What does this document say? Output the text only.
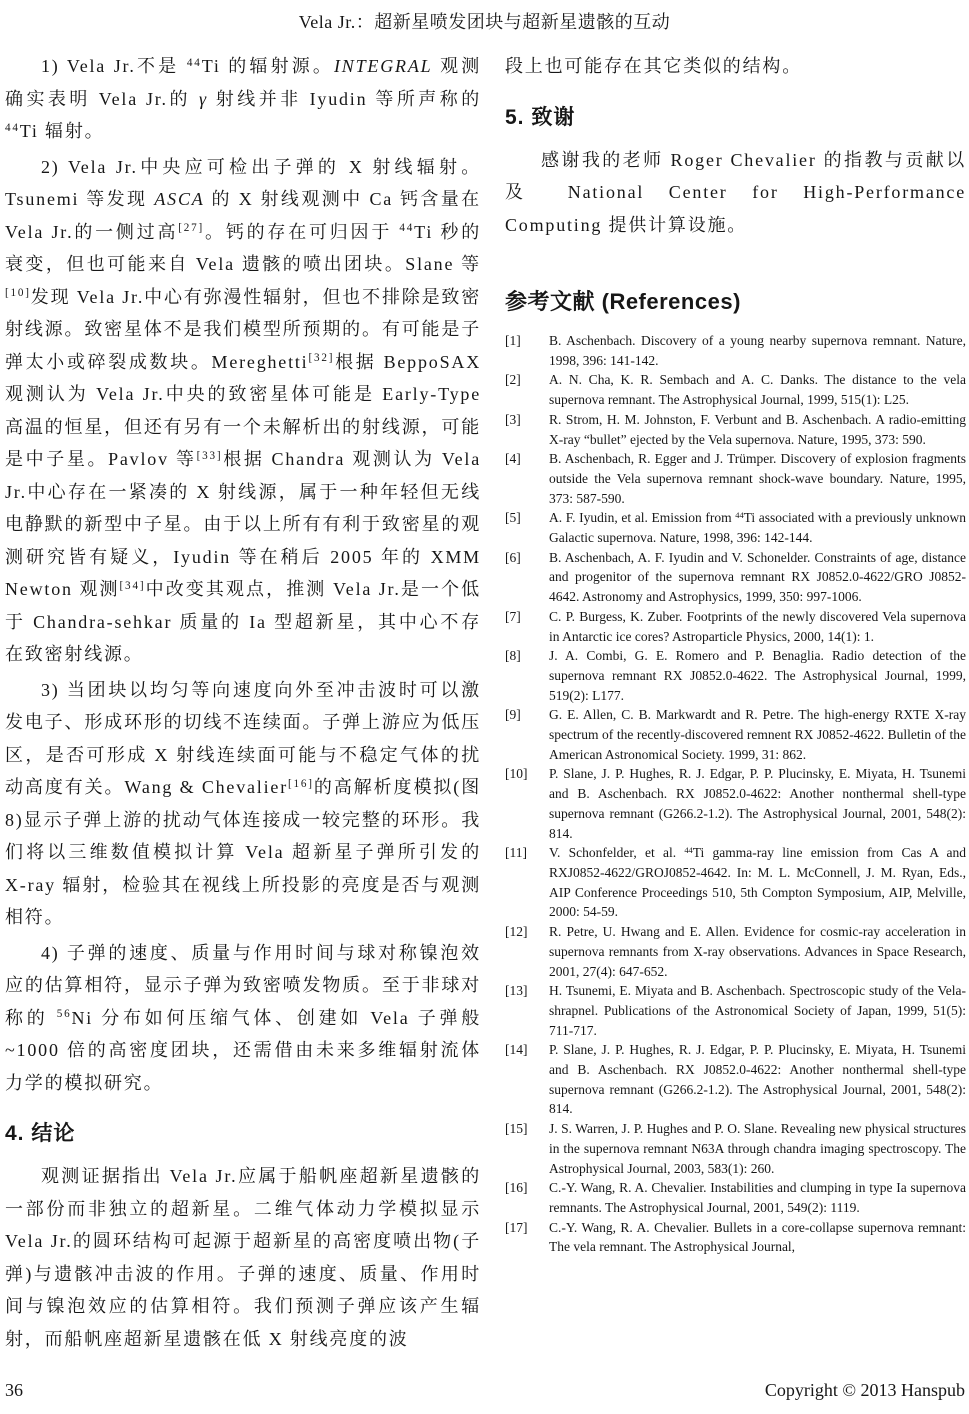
Vela Jr.：超新星喷发团块与超新星遗骸的互动

1) Vela Jr.不是 $^{44}$Ti 的辐射源。INTEGRAL 观测确实表明 Vela Jr.的 γ 射线并非 Iyudin 等所声称的 $^{44}$Ti 辐射。

2) Vela Jr.中央应可检出子弹的 X 射线辐射。Tsunemi 等发现 ASCA 的 X 射线观测中 Ca 钙含量在 Vela Jr.的一侧过高[27]。钙的存在可归因于 $^{44}$Ti 秒的衰变，但也可能来自 Vela 遗骸的喷出团块。Slane 等[10]发现 Vela Jr.中心有弥漫性辐射，但也不排除是致密射线源。致密星体不是我们模型所预期的。有可能是子弹太小或碎裂成数块。Mereghetti[32]根据 BeppoSAX 观测认为 Vela Jr.中央的致密星体可能是 Early-Type 高温的恒星，但还有另有一个未解析出的射线源，可能是中子星。Pavlov 等[33]根据 Chandra 观测认为 Vela Jr.中心存在一紧凑的 X 射线源，属于一种年轻但无线电静默的新型中子星。由于以上所有有利于致密星的观测研究皆有疑义，Iyudin 等在稍后 2005 年的 XMM Newton 观测[34]中改变其观点，推测 Vela Jr.是一个低于 Chandra-sehkar 质量的 Ia 型超新星，其中心不存在致密射线源。

3) 当团块以均匀等向速度向外至冲击波时可以激发电子、形成环形的切线不连续面。子弹上游应为低压区，是否可形成 X 射线连续面可能与不稳定气体的扰动高度有关。Wang & Chevalier[16]的高解析度模拟(图 8)显示子弹上游的扰动气体连接成一较完整的环形。我们将以三维数值模拟计算 Vela 超新星子弹所引发的 X-ray 辐射，检验其在视线上所投影的亮度是否与观测相符。

4) 子弹的速度、质量与作用时间与球对称镍泡效应的估算相符，显示子弹为致密喷发物质。至于非球对称的 $^{56}$Ni 分布如何压缩气体、创建如 Vela 子弹般~1000 倍的高密度团块，还需借由未来多维辐射流体力学的模拟研究。

4. 结论

观测证据指出 Vela Jr.应属于船帆座超新星遗骸的一部份而非独立的超新星。二维气体动力学模拟显示 Vela Jr.的圆环结构可起源于超新星的高密度喷出物(子弹)与遗骸冲击波的作用。子弹的速度、质量、作用时间与镍泡效应的估算相符。我们预测子弹应该产生辐射，而船帆座超新星遗骸在低 X 射线亮度的波

段上也可能存在其它类似的结构。

5. 致谢

感谢我的老师 Roger Chevalier 的指教与贡献以及 National Center for High-Performance Computing 提供计算设施。

参考文献 (References)
[1]	B. Aschenbach. Discovery of a young nearby supernova remnant. Nature, 1998, 396: 141-142.
[2]	A. N. Cha, K. R. Sembach and A. C. Danks. The distance to the vela supernova remnant. The Astrophysical Journal, 1999, 515(1): L25.
[3]	R. Strom, H. M. Johnston, F. Verbunt and B. Aschenbach. A radio-emitting X-ray “bullet” ejected by the Vela supernova. Nature, 1995, 373: 590.
[4]	B. Aschenbach, R. Egger and J. Trümper. Discovery of explosion fragments outside the Vela supernova remnant shock-wave boundary. Nature, 1995, 373: 587-590.
[5]	A. F. Iyudin, et al. Emission from $^{44}$Ti associated with a previously unknown Galactic supernova. Nature, 1998, 396: 142-144.
[6]	B. Aschenbach, A. F. Iyudin and V. Schonelder. Constraints of age, distance and progenitor of the supernova remnant RX J0852.0-4622/GRO J0852-4642. Astronomy and Astrophysics, 1999, 350: 997-1006.
[7]	C. P. Burgess, K. Zuber. Footprints of the newly discovered Vela supernova in Antarctic ice cores? Astroparticle Physics, 2000, 14(1): 1.
[8]	J. A. Combi, G. E. Romero and P. Benaglia. Radio detection of the supernova remnant RX J0852.0-4622. The Astrophysical Journal, 1999, 519(2): L177.
[9]	G. E. Allen, C. B. Markwardt and R. Petre. The high-energy RXTE X-ray spectrum of the recently-discovered remnent RX J0852-4622. Bulletin of the American Astronomical Society. 1999, 31: 862.
[10]	P. Slane, J. P. Hughes, R. J. Edgar, P. P. Plucinsky, E. Miyata, H. Tsunemi and B. Aschenbach. RX J0852.0-4622: Another nonthermal shell-type supernova remnant (G266.2-1.2). The Astrophysical Journal, 2001, 548(2): 814.
[11]	V. Schonfelder, et al. $^{44}$Ti gamma-ray line emission from Cas A and RXJ0852-4622/GROJ0852-4642. In: M. L. McConnell, J. M. Ryan, Eds., AIP Conference Proceedings 510, 5th Compton Symposium, AIP, Melville, 2000: 54-59.
[12]	R. Petre, U. Hwang and E. Allen. Evidence for cosmic-ray acceleration in supernova remnants from X-ray observations. Advances in Space Research, 2001, 27(4): 647-652.
[13]	H. Tsunemi, E. Miyata and B. Aschenbach. Spectroscopic study of the Vela-shrapnel. Publications of the Astronomical Society of Japan, 1999, 51(5): 711-717.
[14]	P. Slane, J. P. Hughes, R. J. Edgar, P. P. Plucinsky, E. Miyata, H. Tsunemi and B. Aschenbach. RX J0852.0-4622: Another nonthermal shell-type supernova remnant (G266.2-1.2). The Astrophysical Journal, 2001, 548(2): 814.
[15]	J. S. Warren, J. P. Hughes and P. O. Slane. Revealing new physical structures in the supernova remnant N63A through chandra imaging spectroscopy. The Astrophysical Journal, 2003, 583(1): 260.
[16]	C.-Y. Wang, R. A. Chevalier. Instabilities and clumping in type Ia supernova remnants. The Astrophysical Journal, 2001, 549(2): 1119.
[17]	C.-Y. Wang, R. A. Chevalier. Bullets in a core-collapse supernova remnant: The vela remnant. The Astrophysical Journal,
36	Copyright © 2013 Hanspub
